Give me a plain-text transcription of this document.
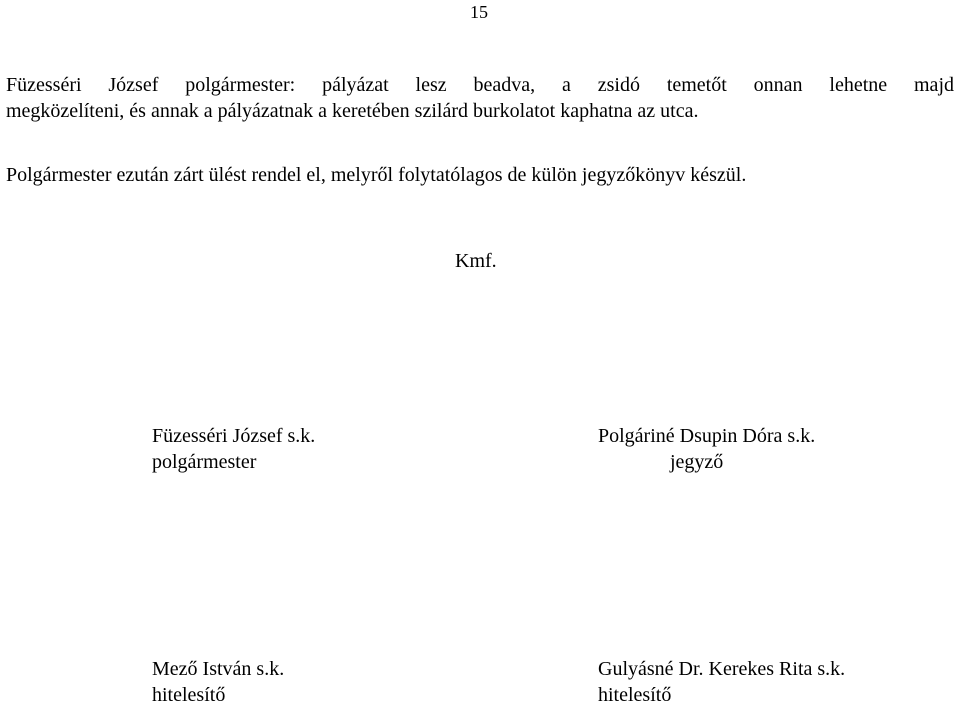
15

Füzesséri József polgármester: pályázat lesz beadva, a zsidó temetőt onnan lehetne majd
megközelíteni, és annak a pályázatnak a keretében szilárd burkolatot kaphatna az utca.

Polgármester ezután zárt ülést rendel el, melyről folytatólagos de külön jegyzőkönyv készül.

Kmf.
Füzesséri József s.k.
polgármester
Polgáriné Dsupin Dóra s.k.
jegyző
Mező István s.k.
hitelesítő
Gulyásné Dr. Kerekes Rita s.k.
hitelesítő
